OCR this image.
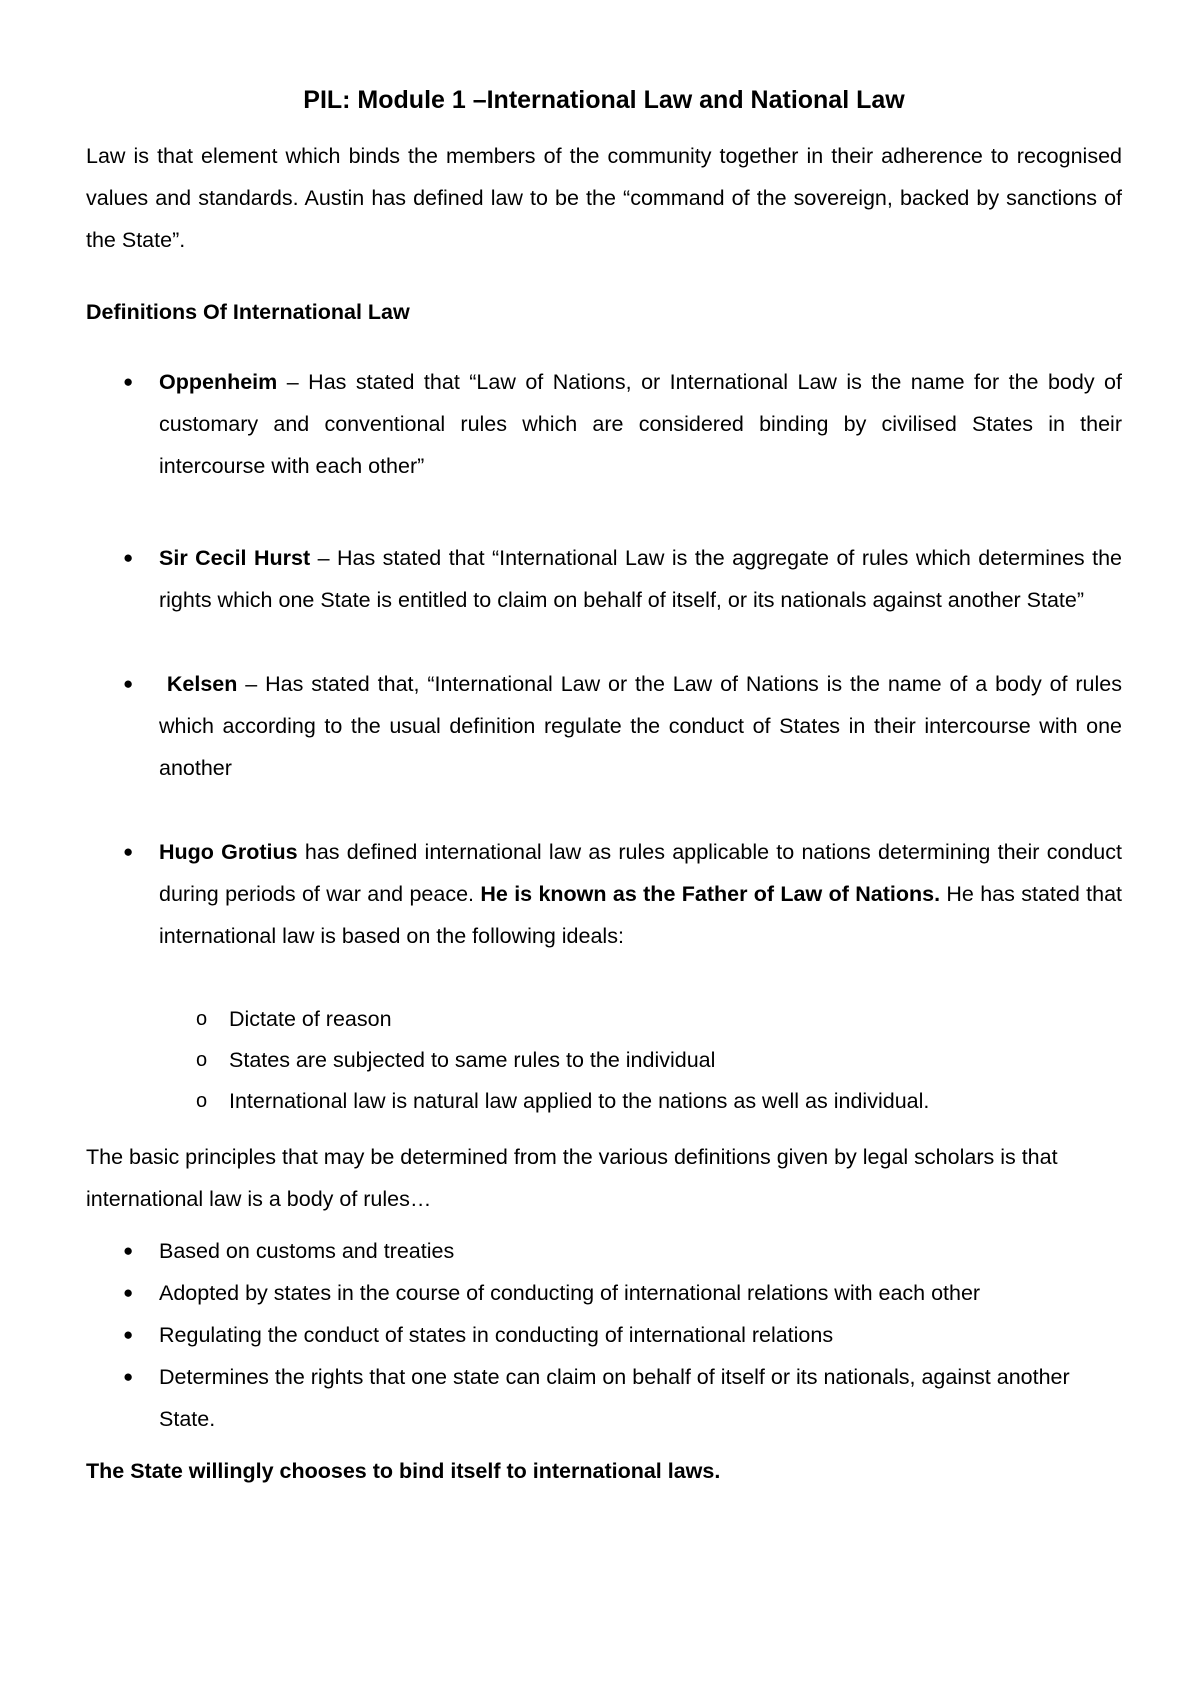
PIL: Module 1 –International Law and National Law

Law is that element which binds the members of the community together in their adherence to recognised values and standards. Austin has defined law to be the “command of the sovereign, backed by sanctions of the State”.

Definitions Of International Law

● Oppenheim – Has stated that “Law of Nations, or International Law is the name for the body of customary and conventional rules which are considered binding by civilised States in their intercourse with each other”
● Sir Cecil Hurst – Has stated that “International Law is the aggregate of rules which determines the rights which one State is entitled to claim on behalf of itself, or its nationals against another State”
● Kelsen – Has stated that, “International Law or the Law of Nations is the name of a body of rules which according to the usual definition regulate the conduct of States in their intercourse with one another
● Hugo Grotius has defined international law as rules applicable to nations determining their conduct during periods of war and peace. He is known as the Father of Law of Nations. He has stated that international law is based on the following ideals:
o Dictate of reason
o States are subjected to same rules to the individual
o International law is natural law applied to the nations as well as individual.

The basic principles that may be determined from the various definitions given by legal scholars is that international law is a body of rules…

● Based on customs and treaties
● Adopted by states in the course of conducting of international relations with each other
● Regulating the conduct of states in conducting of international relations
● Determines the rights that one state can claim on behalf of itself or its nationals, against another State.

The State willingly chooses to bind itself to international laws.
